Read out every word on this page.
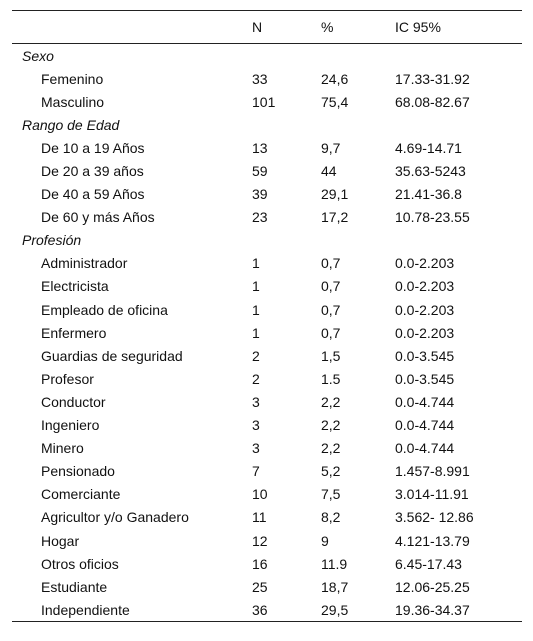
	N	%	IC 95%
Sexo			
Femenino	33	24,6	17.33-31.92
Masculino	101	75,4	68.08-82.67
Rango de Edad			
De 10 a 19 Años	13	9,7	4.69-14.71
De 20 a 39 años	59	44	35.63-5243
De 40 a 59 Años	39	29,1	21.41-36.8
De 60 y más Años	23	17,2	10.78-23.55
Profesión			
Administrador	1	0,7	0.0-2.203
Electricista	1	0,7	0.0-2.203
Empleado de oficina	1	0,7	0.0-2.203
Enfermero	1	0,7	0.0-2.203
Guardias de seguridad	2	1,5	0.0-3.545
Profesor	2	1.5	0.0-3.545
Conductor	3	2,2	0.0-4.744
Ingeniero	3	2,2	0.0-4.744
Minero	3	2,2	0.0-4.744
Pensionado	7	5,2	1.457-8.991
Comerciante	10	7,5	3.014-11.91
Agricultor y/o Ganadero	11	8,2	3.562- 12.86
Hogar	12	9	4.121-13.79
Otros oficios	16	11.9	6.45-17.43
Estudiante	25	18,7	12.06-25.25
Independiente	36	29,5	19.36-34.37
